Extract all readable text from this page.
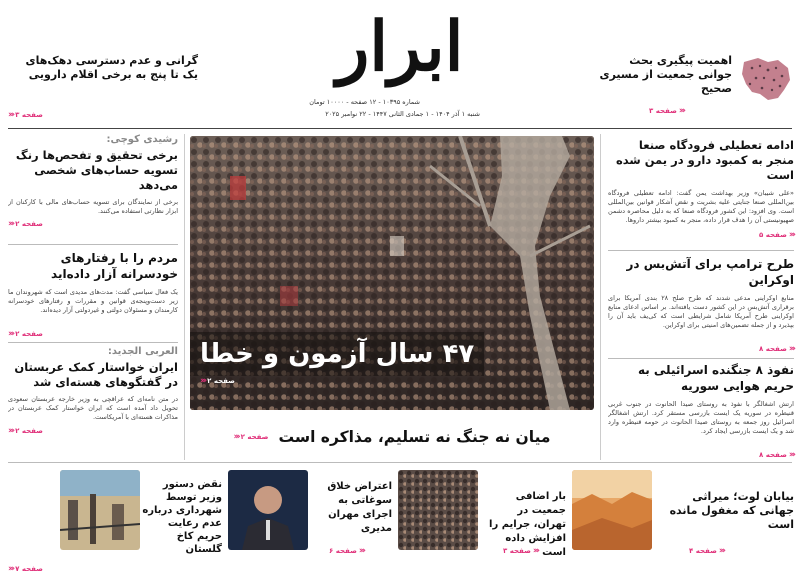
ابرار
شماره ۱۰۳۹۵ - ۱۲ صفحه - ۱۰۰۰۰ تومان
شنبه ۱ آذر ۱۴۰۴ - ۱ جمادی الثانی ۱۴۴۷ - ۲۲ نوامبر ۲۰۲۵
اهمیت پیگیری بحث جوانی جمعیت از مسیری صحیح
‹‹‹
صفحه ۳
گرانی و عدم دسترسی دهک‌های یک تا پنج به برخی اقلام دارویی
صفحه ۳
‹‹‹
۴۷ سال آزمون و خطا
صفحه ۲
‹‹‹
میان نه جنگ نه تسلیم، مذاکره است
صفحه ۲
‹‹‹
ادامه تعطیلی فرودگاه صنعا منجر به کمبود دارو در یمن شده است
«علی شیبان» وزیر بهداشت یمن گفت: ادامه تعطیلی فرودگاه بین‌المللی صنعا جنایتی علیه بشریت و نقض آشکار قوانین بین‌المللی است. وی افزود: این کشور فرودگاه صنعا که به دلیل محاصره دشمن صهیونیستی آن را هدف قرار داده، منجر به کمبود بیشتر داروها.
‹‹‹
صفحه ۵
طرح ترامپ برای آتش‌بس در اوکراین
منابع اوکراینی مدعی شدند که طرح صلح ۲۸ بندی آمریکا برای برقراری آتش‌بس در این کشور دست یافته‌اند. بر اساس ادعای منابع اوکراینی طرح آمریکا شامل شرایطی است که کی‌یف باید آن را بپذیرد و از جمله تضمین‌های امنیتی برای اوکراین.
‹‹‹
صفحه ۸
نفوذ ۸ جنگنده اسرائیلی به حریم هوایی سوریه
ارتش اشغالگر با نفوذ به روستای صیدا الحانوت در جنوب غربی قنیطره در سوریه یک ایست بازرسی مستقر کرد. ارتش اشغالگر اسرائیل روز جمعه به روستای صیدا الحانوت در حومه قنیطره وارد شد و یک ایست بازرسی ایجاد کرد.
‹‹‹
صفحه ۸
رشیدی کوچی:
برخی تحقیق و تفحص‌ها رنگ تسویه حساب‌های شخصی می‌دهد
برخی از نمایندگان برای تسویه حساب‌های مالی با کارکنان از ابزار نظارتی استفاده می‌کنند.
صفحه ۲
‹‹‹
مردم را با رفتارهای خودسرانه آزار داده‌اید
یک فعال سیاسی گفت: مدت‌های مدیدی است که شهروندان ما زیر دست‌وپنجه‌ی قوانین و مقررات و رفتارهای خودسرانه کارمندان و مسئولان دولتی و غیردولتی آزار دیده‌اند.
صفحه ۲
‹‹‹
العربی الجدید:
ایران خواستار کمک عربستان در گفتگوهای هسته‌ای شد
در متن نامه‌ای که عراقچی به وزیر خارجه عربستان سعودی تحویل داد آمده است که ایران خواستار کمک عربستان در مذاکرات هسته‌ای با آمریکاست.
صفحه ۲
‹‹‹
بیابان لوت؛ میراثی جهانی که مغفول مانده است
‹‹‹
صفحه ۴
بار اضافی جمعیت در تهران، جرایم را افزایش داده است
‹‹‹
صفحه ۳
اعتراض خلاق سوغاتی به اجرای مهران مدیری
‹‹‹
صفحه ۶
نقض دستور وزیر توسط شهرداری درباره عدم رعایت حریم کاخ گلستان
صفحه ۷
‹‹‹
